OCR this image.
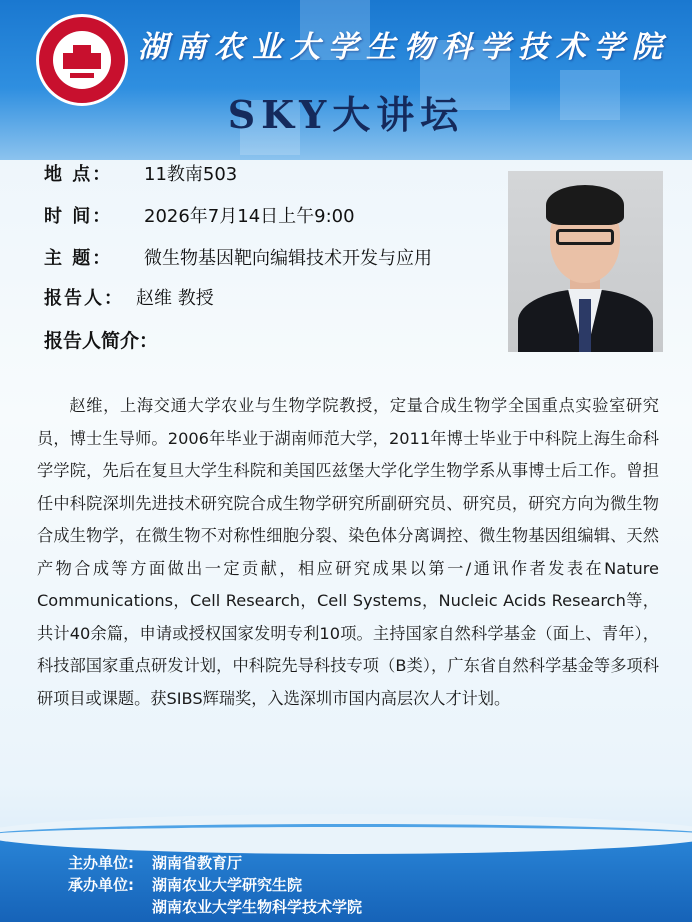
湖南农业大学生物科学技术学院
SKY大讲坛
地 点： 11教南503
时 间： 2026年7月14日上午9:00
主 题： 微生物基因靶向编辑技术开发与应用
报告人： 赵维 教授
报告人简介：
赵维，上海交通大学农业与生物学院教授，定量合成生物学全国重点实验室研究员，博士生导师。2006年毕业于湖南师范大学，2011年博士毕业于中科院上海生命科学学院，先后在复旦大学生科院和美国匹兹堡大学化学生物学系从事博士后工作。曾担任中科院深圳先进技术研究院合成生物学研究所副研究员、研究员，研究方向为微生物合成生物学，在微生物不对称性细胞分裂、染色体分离调控、微生物基因组编辑、天然产物合成等方面做出一定贡献，相应研究成果以第一/通讯作者发表在Nature Communications，Cell Research，Cell Systems，Nucleic Acids Research等，共计40余篇，申请或授权国家发明专利10项。主持国家自然科学基金（面上、青年），科技部国家重点研发计划，中科院先导科技专项（B类），广东省自然科学基金等多项科研项目或课题。获SIBS辉瑞奖，入选深圳市国内高层次人才计划。
主办单位: 湖南省教育厅
承办单位: 湖南农业大学研究生院
湖南农业大学生物科学技术学院
